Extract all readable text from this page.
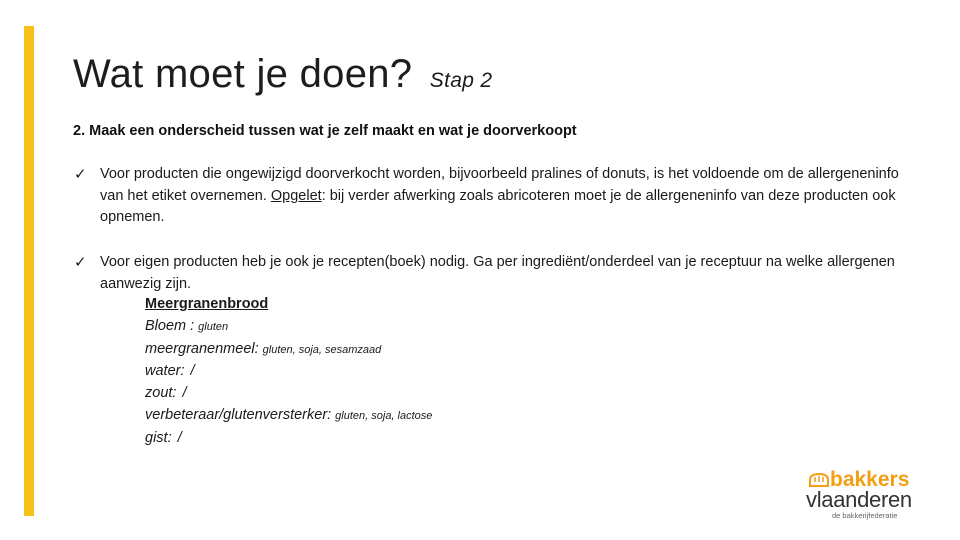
Wat moet je doen? Stap 2
2. Maak een onderscheid tussen wat je zelf maakt en wat je doorverkoopt
✓ Voor producten die ongewijzigd doorverkocht worden, bijvoorbeeld pralines of donuts, is het voldoende om de allergeneninfo van het etiket overnemen. Opgelet: bij verder afwerking zoals abricoteren moet je de allergeneninfo van deze producten ook opnemen.
✓ Voor eigen producten heb je ook je recepten(boek) nodig. Ga per ingrediënt/onderdeel van je receptuur na welke allergenen aanwezig zijn.
Meergranenbrood
Bloem : gluten
meergranenmeel: gluten, soja, sesamzaad
water: /
zout: /
verbeteraar/glutenversterker: gluten, soja, lactose
gist: /
bakkers
vlaanderen
de bakkerijfederatie
